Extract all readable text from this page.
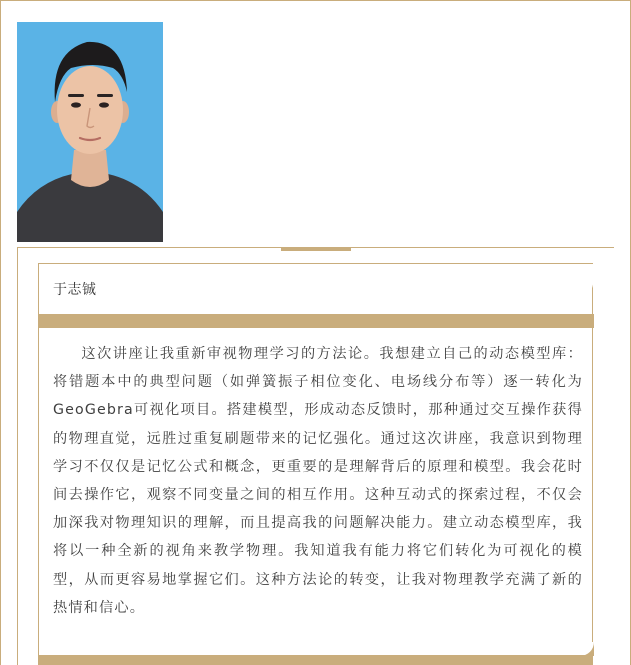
于志铖
这次讲座让我重新审视物理学习的方法论。我想建立自己的动态模型库：将错题本中的典型问题（如弹簧振子相位变化、电场线分布等）逐一转化为GeoGebra可视化项目。搭建模型，形成动态反馈时，那种通过交互操作获得的物理直觉，远胜过重复刷题带来的记忆强化。通过这次讲座，我意识到物理学习不仅仅是记忆公式和概念，更重要的是理解背后的原理和模型。我会花时间去操作它，观察不同变量之间的相互作用。这种互动式的探索过程，不仅会加深我对物理知识的理解，而且提高我的问题解决能力。建立动态模型库，我将以一种全新的视角来教学物理。我知道我有能力将它们转化为可视化的模型，从而更容易地掌握它们。这种方法论的转变，让我对物理教学充满了新的热情和信心。
